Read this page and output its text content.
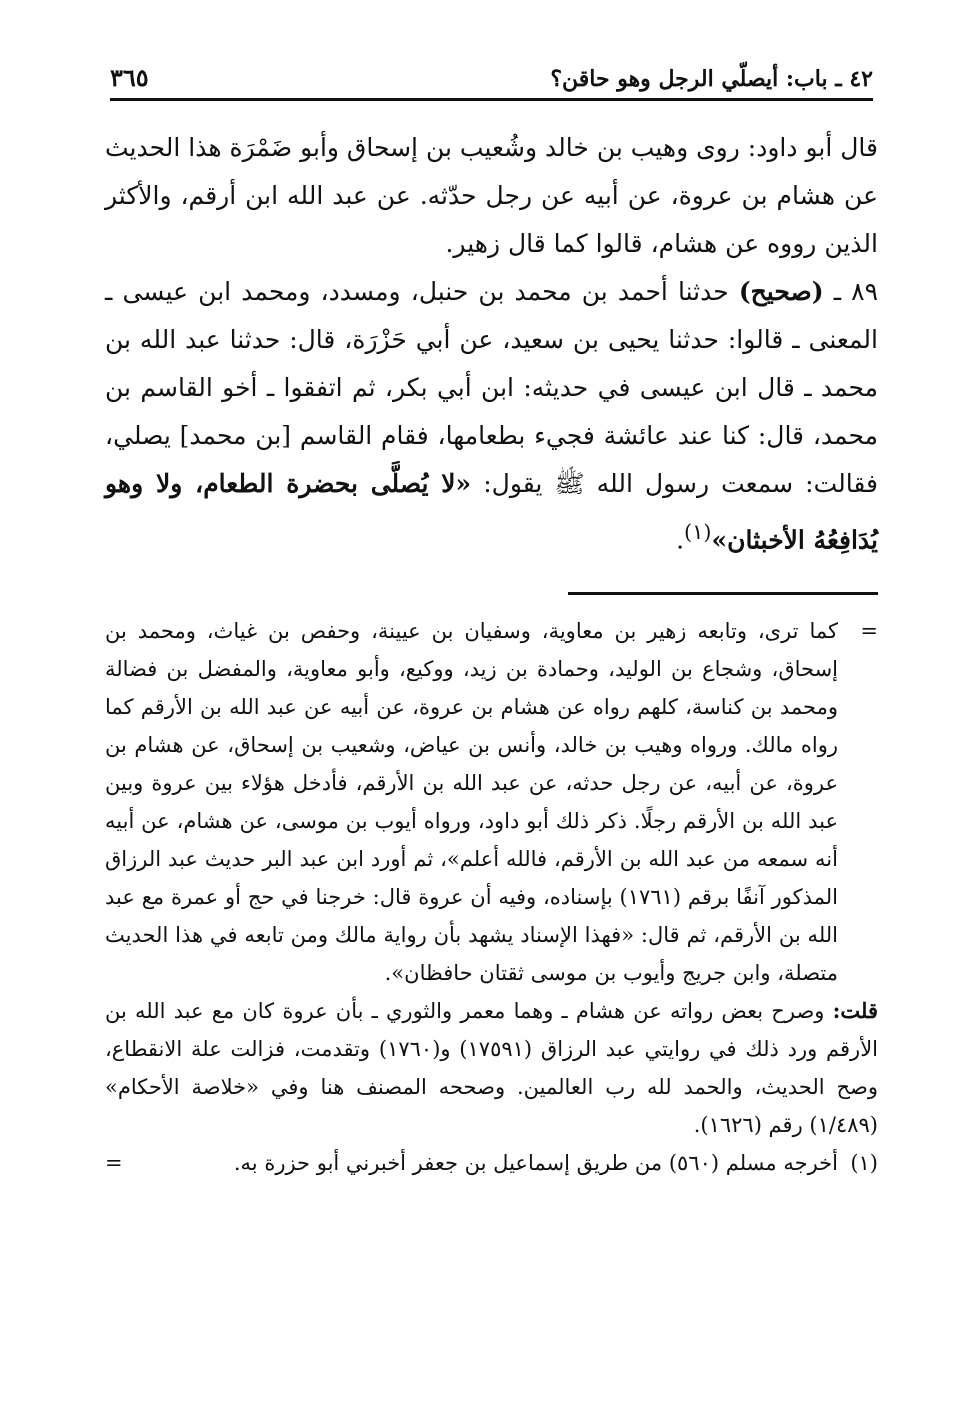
٣٦٥	٤٢ ـ باب: أيصلّي الرجل وهو حاقن؟

قال أبو داود: روى وهيب بن خالد وشُعيب بن إسحاق وأبو ضَمْرَة هذا الحديث عن هشام بن عروة، عن أبيه عن رجل حدّثه. عن عبد الله ابن أرقم، والأكثر الذين رووه عن هشام، قالوا كما قال زهير.

٨٩ ـ (صحيح) حدثنا أحمد بن محمد بن حنبل، ومسدد، ومحمد ابن عيسى ـ المعنى ـ قالوا: حدثنا يحيى بن سعيد، عن أبي حَزْرَة، قال: حدثنا عبد الله بن محمد ـ قال ابن عيسى في حديثه: ابن أبي بكر، ثم اتفقوا ـ أخو القاسم بن محمد، قال: كنا عند عائشة فجيء بطعامها، فقام القاسم [بن محمد] يصلي، فقالت: سمعت رسول الله ﷺ يقول: «لا يُصلَّى بحضرة الطعام، ولا وهو يُدَافِعُهُ الأخبثان»$^{(١)}$.

=
كما ترى، وتابعه زهير بن معاوية، وسفيان بن عيينة، وحفص بن غياث، ومحمد بن إسحاق، وشجاع بن الوليد، وحمادة بن زيد، ووكيع، وأبو معاوية، والمفضل بن فضالة ومحمد بن كناسة، كلهم رواه عن هشام بن عروة، عن أبيه عن عبد الله بن الأرقم كما رواه مالك. ورواه وهيب بن خالد، وأنس بن عياض، وشعيب بن إسحاق، عن هشام بن عروة، عن أبيه، عن رجل حدثه، عن عبد الله بن الأرقم، فأدخل هؤلاء بين عروة وبين عبد الله بن الأرقم رجلًا. ذكر ذلك أبو داود، ورواه أيوب بن موسى، عن هشام، عن أبيه أنه سمعه من عبد الله بن الأرقم، فالله أعلم»، ثم أورد ابن عبد البر حديث عبد الرزاق المذكور آنفًا برقم (١٧٦١) بإسناده، وفيه أن عروة قال: خرجنا في حج أو عمرة مع عبد الله بن الأرقم، ثم قال: «فهذا الإسناد يشهد بأن رواية مالك ومن تابعه في هذا الحديث متصلة، وابن جريج وأيوب بن موسى ثقتان حافظان».

قلت: وصرح بعض رواته عن هشام ـ وهما معمر والثوري ـ بأن عروة كان مع عبد الله بن الأرقم ورد ذلك في روايتي عبد الرزاق (١٧٥٩١) و(١٧٦٠) وتقدمت، فزالت علة الانقطاع، وصح الحديث، والحمد لله رب العالمين. وصححه المصنف هنا وفي «خلاصة الأحكام» (١/٤٨٩) رقم (١٦٢٦).

(١)
أخرجه مسلم (٥٦٠) من طريق إسماعيل بن جعفر أخبرني أبو حزرة به.
=
